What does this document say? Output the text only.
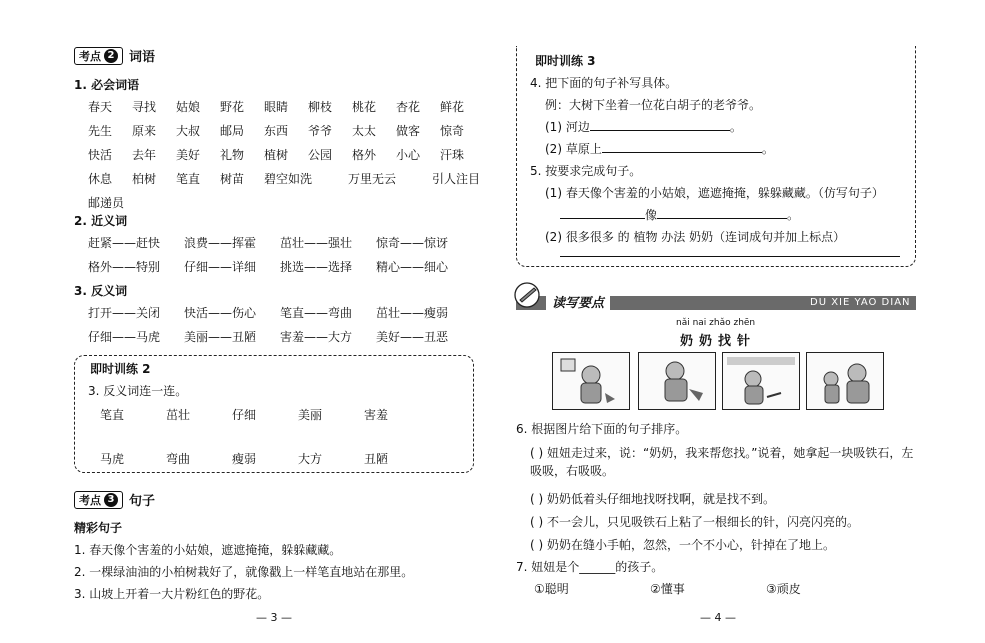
考点 2 词语
1. 必会词语
春天	寻找	姑娘	野花	眼睛	柳枝	桃花	杏花	鲜花
先生	原来	大叔	邮局	东西	爷爷	太太	做客	惊奇
快活	去年	美好	礼物	植树	公园	格外	小心	汗珠
休息	柏树	笔直	树苗	碧空如洗	万里无云	引人注目
邮递员
2. 近义词
赶紧——赶快	浪费——挥霍	茁壮——强壮	惊奇——惊讶
格外——特别	仔细——详细	挑选——选择	精心——细心
3. 反义词
打开——关闭	快活——伤心	笔直——弯曲	茁壮——瘦弱
仔细——马虎	美丽——丑陋	害羞——大方	美好——丑恶
即时训练 2
3. 反义词连一连。
笔直	茁壮	仔细	美丽	害羞
马虎	弯曲	瘦弱	大方	丑陋
考点 3 句子
精彩句子
1. 春天像个害羞的小姑娘，遮遮掩掩，躲躲藏藏。
2. 一棵绿油油的小柏树栽好了，就像戳上一样笔直地站在那里。
3. 山坡上开着一大片粉红色的野花。
— 3 —
即时训练 3
4. 把下面的句子补写具体。
例：大树下坐着一位花白胡子的老爷爷。
(1) 河边	。
(2) 草原上	。
5. 按要求完成句子。
(1) 春天像个害羞的小姑娘，遮遮掩掩，躲躲藏藏。（仿写句子）
像	。
(2) 很多很多 的 植物 办法 奶奶（连词成句并加上标点）
读写要点	DU XIE YAO DIAN
nǎi nai zhǎo zhēn
奶奶找针
6. 根据图片给下面的句子排序。
( ) 妞妞走过来，说：“奶奶，我来帮您找。”说着，她拿起一块吸铁石，左吸吸，右吸吸。
( ) 奶奶低着头仔细地找呀找啊，就是找不到。
( ) 不一会儿，只见吸铁石上粘了一根细长的针，闪亮闪亮的。
( ) 奶奶在缝小手帕，忽然，一个不小心，针掉在了地上。
7. 妞妞是个______的孩子。
①聪明	②懂事	③顽皮
— 4 —
